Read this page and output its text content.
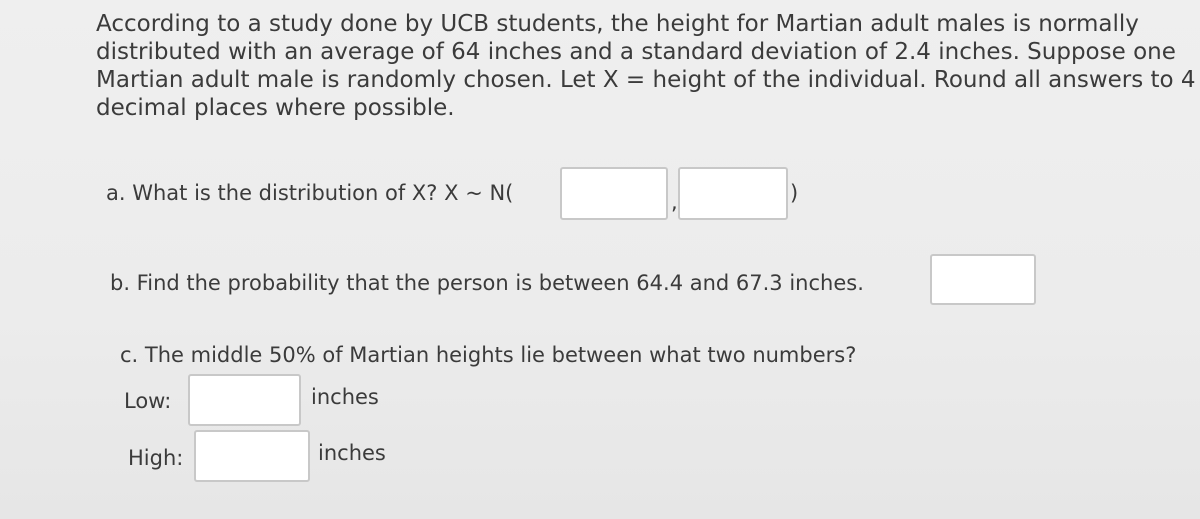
According to a study done by UCB students, the height for Martian adult males is normally
distributed with an average of 64 inches and a standard deviation of 2.4 inches. Suppose one
Martian adult male is randomly chosen. Let X = height of the individual. Round all answers to 4
decimal places where possible.
a. What is the distribution of X? X ~ N(	,	)
b. Find the probability that the person is between 64.4 and 67.3 inches.
c. The middle 50% of Martian heights lie between what two numbers?
Low:	inches
High:	inches
